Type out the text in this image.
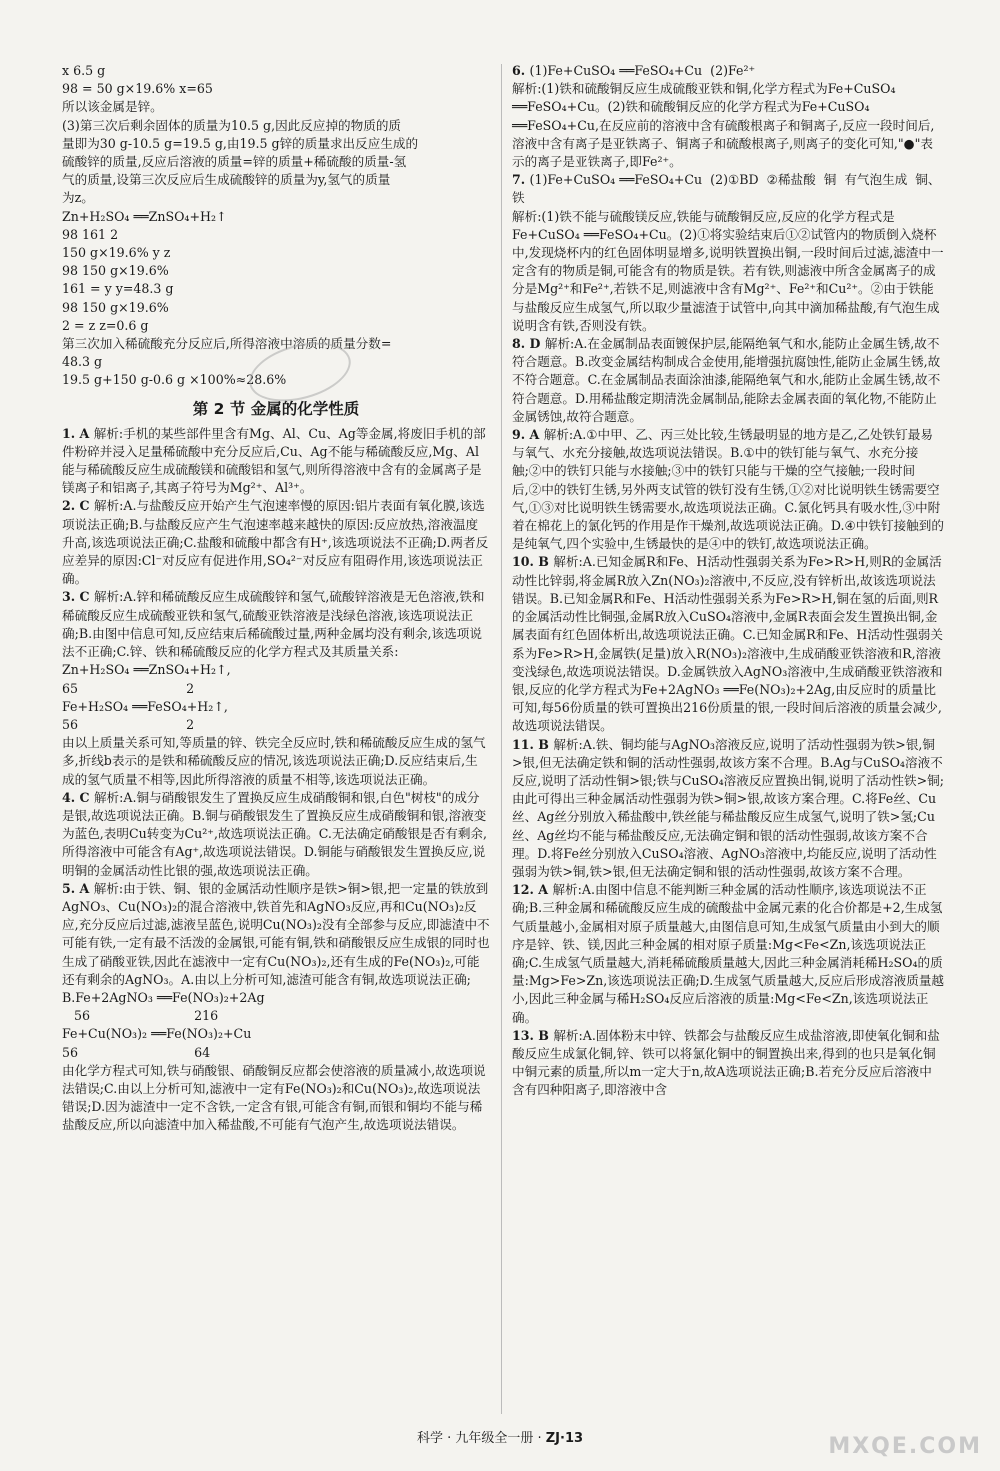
x 6.5 g
98 = 50 g×19.6% x=65
所以该金属是锌。
(3)第三次后剩余固体的质量为10.5 g,因此反应掉的物质的质
量即为30 g-10.5 g=19.5 g,由19.5 g锌的质量求出反应生成的
硫酸锌的质量,反应后溶液的质量=锌的质量+稀硫酸的质量-氢
气的质量,设第三次反应后生成硫酸锌的质量为y,氢气的质量
为z。
Zn+H₂SO₄ ══ZnSO₄+H₂↑
98 161 2
150 g×19.6% y z
98 150 g×19.6%
161 = y y=48.3 g
98 150 g×19.6%
2 = z z=0.6 g
第三次加入稀硫酸充分反应后,所得溶液中溶质的质量分数=
48.3 g
19.5 g+150 g-0.6 g ×100%≈28.6%
第 2 节 金属的化学性质
1. A 解析:手机的某些部件里含有Mg、Al、Cu、Ag等金属,将废旧手机的部件粉碎并浸入足量稀硫酸中充分反应后,Cu、Ag不能与稀硫酸反应,Mg、Al能与稀硫酸反应生成硫酸镁和硫酸铝和氢气,则所得溶液中含有的金属离子是镁离子和铝离子,其离子符号为Mg²⁺、Al³⁺。
2. C 解析:A.与盐酸反应开始产生气泡速率慢的原因:铝片表面有氧化膜,该选项说法正确;B.与盐酸反应产生气泡速率越来越快的原因:反应放热,溶液温度升高,该选项说法正确;C.盐酸和硫酸中都含有H⁺,该选项说法不正确;D.两者反应差异的原因:Cl⁻对反应有促进作用,SO₄²⁻对反应有阻碍作用,该选项说法正确。
3. C 解析:A.锌和稀硫酸反应生成硫酸锌和氢气,硫酸锌溶液是无色溶液,铁和稀硫酸反应生成硫酸亚铁和氢气,硫酸亚铁溶液是浅绿色溶液,该选项说法正确;B.由图中信息可知,反应结束后稀硫酸过量,两种金属均没有剩余,该选项说法不正确;C.锌、铁和稀硫酸反应的化学方程式及其质量关系:
Zn+H₂SO₄ ══ZnSO₄+H₂↑,
65                           2
Fe+H₂SO₄ ══FeSO₄+H₂↑,
56                           2
由以上质量关系可知,等质量的锌、铁完全反应时,铁和稀硫酸反应生成的氢气多,折线b表示的是铁和稀硫酸反应的情况,该选项说法正确;D.反应结束后,生成的氢气质量不相等,因此所得溶液的质量不相等,该选项说法正确。
4. C 解析:A.铜与硝酸银发生了置换反应生成硝酸铜和银,白色"树枝"的成分是银,故选项说法正确。B.铜与硝酸银发生了置换反应生成硝酸铜和银,溶液变为蓝色,表明Cu转变为Cu²⁺,故选项说法正确。C.无法确定硝酸银是否有剩余,所得溶液中可能含有Ag⁺,故选项说法错误。D.铜能与硝酸银发生置换反应,说明铜的金属活动性比银的强,故选项说法正确。
5. A 解析:由于铁、铜、银的金属活动性顺序是铁>铜>银,把一定量的铁放到AgNO₃、Cu(NO₃)₂的混合溶液中,铁首先和AgNO₃反应,再和Cu(NO₃)₂反应,充分反应后过滤,滤液呈蓝色,说明Cu(NO₃)₂没有全部参与反应,即滤渣中不可能有铁,一定有最不活泼的金属银,可能有铜,铁和硝酸银反应生成银的同时也生成了硝酸亚铁,因此在滤液中一定有Cu(NO₃)₂,还有生成的Fe(NO₃)₂,可能还有剩余的AgNO₃。A.由以上分析可知,滤渣可能含有铜,故选项说法正确;
B.Fe+2AgNO₃ ══Fe(NO₃)₂+2Ag
56                          216
Fe+Cu(NO₃)₂ ══Fe(NO₃)₂+Cu
56                             64
由化学方程式可知,铁与硝酸银、硝酸铜反应都会使溶液的质量减小,故选项说法错误;C.由以上分析可知,滤液中一定有Fe(NO₃)₂和Cu(NO₃)₂,故选项说法错误;D.因为滤渣中一定不含铁,一定含有银,可能含有铜,而银和铜均不能与稀盐酸反应,所以向滤渣中加入稀盐酸,不可能有气泡产生,故选项说法错误。
6. (1)Fe+CuSO₄ ══FeSO₄+Cu  (2)Fe²⁺
解析:(1)铁和硫酸铜反应生成硫酸亚铁和铜,化学方程式为Fe+CuSO₄ ══FeSO₄+Cu。(2)铁和硫酸铜反应的化学方程式为Fe+CuSO₄ ══FeSO₄+Cu,在反应前的溶液中含有硫酸根离子和铜离子,反应一段时间后,溶液中含有离子是亚铁离子、铜离子和硫酸根离子,则离子的变化可知,"●"表示的离子是亚铁离子,即Fe²⁺。
7. (1)Fe+CuSO₄ ══FeSO₄+Cu  (2)①BD  ②稀盐酸  铜  有气泡生成  铜、铁
解析:(1)铁不能与硫酸镁反应,铁能与硫酸铜反应,反应的化学方程式是Fe+CuSO₄ ══FeSO₄+Cu。(2)①将实验结束后①②试管内的物质倒入烧杯中,发现烧杯内的红色固体明显增多,说明铁置换出铜,一段时间后过滤,滤渣中一定含有的物质是铜,可能含有的物质是铁。若有铁,则滤液中所含金属离子的成分是Mg²⁺和Fe²⁺,若铁不足,则滤液中含有Mg²⁺、Fe²⁺和Cu²⁺。②由于铁能与盐酸反应生成氢气,所以取少量滤渣于试管中,向其中滴加稀盐酸,有气泡生成说明含有铁,否则没有铁。
8. D 解析:A.在金属制品表面镀保护层,能隔绝氧气和水,能防止金属生锈,故不符合题意。B.改变金属结构制成合金使用,能增强抗腐蚀性,能防止金属生锈,故不符合题意。C.在金属制品表面涂油漆,能隔绝氧气和水,能防止金属生锈,故不符合题意。D.用稀盐酸定期清洗金属制品,能除去金属表面的氧化物,不能防止金属锈蚀,故符合题意。
9. A 解析:A.①中甲、乙、丙三处比较,生锈最明显的地方是乙,乙处铁钉最易与氧气、水充分接触,故选项说法错误。B.①中的铁钉能与氧气、水充分接触;②中的铁钉只能与水接触;③中的铁钉只能与干燥的空气接触;一段时间后,②中的铁钉生锈,另外两支试管的铁钉没有生锈,①②对比说明铁生锈需要空气,①③对比说明铁生锈需要水,故选项说法正确。C.氯化钙具有吸水性,③中附着在棉花上的氯化钙的作用是作干燥剂,故选项说法正确。D.④中铁钉接触到的是纯氧气,四个实验中,生锈最快的是④中的铁钉,故选项说法正确。
10. B 解析:A.已知金属R和Fe、H活动性强弱关系为Fe>R>H,则R的金属活动性比锌弱,将金属R放入Zn(NO₃)₂溶液中,不反应,没有锌析出,故该选项说法错误。B.已知金属R和Fe、H活动性强弱关系为Fe>R>H,铜在氢的后面,则R的金属活动性比铜强,金属R放入CuSO₄溶液中,金属R表面会发生置换出铜,金属表面有红色固体析出,故选项说法正确。C.已知金属R和Fe、H活动性强弱关系为Fe>R>H,金属铁(足量)放入R(NO₃)₂溶液中,生成硝酸亚铁溶液和R,溶液变浅绿色,故选项说法错误。D.金属铁放入AgNO₃溶液中,生成硝酸亚铁溶液和银,反应的化学方程式为Fe+2AgNO₃ ══Fe(NO₃)₂+2Ag,由反应时的质量比可知,每56份质量的铁可置换出216份质量的银,一段时间后溶液的质量会减少,故选项说法错误。
11. B 解析:A.铁、铜均能与AgNO₃溶液反应,说明了活动性强弱为铁>银,铜>银,但无法确定铁和铜的活动性强弱,故该方案不合理。B.Ag与CuSO₄溶液不反应,说明了活动性铜>银;铁与CuSO₄溶液反应置换出铜,说明了活动性铁>铜;由此可得出三种金属活动性强弱为铁>铜>银,故该方案合理。C.将Fe丝、Cu丝、Ag丝分别放入稀盐酸中,铁丝能与稀盐酸反应生成氢气,说明了铁>氢;Cu丝、Ag丝均不能与稀盐酸反应,无法确定铜和银的活动性强弱,故该方案不合理。D.将Fe丝分别放入CuSO₄溶液、AgNO₃溶液中,均能反应,说明了活动性强弱为铁>铜,铁>银,但无法确定铜和银的活动性强弱,故该方案不合理。
12. A 解析:A.由图中信息不能判断三种金属的活动性顺序,该选项说法不正确;B.三种金属和稀硫酸反应生成的硫酸盐中金属元素的化合价都是+2,生成氢气质量越小,金属相对原子质量越大,由图信息可知,生成氢气质量由小到大的顺序是锌、铁、镁,因此三种金属的相对原子质量:Mg<Fe<Zn,该选项说法正确;C.生成氢气质量越大,消耗稀硫酸质量越大,因此三种金属消耗稀H₂SO₄的质量:Mg>Fe>Zn,该选项说法正确;D.生成氢气质量越大,反应后形成溶液质量越小,因此三种金属与稀H₂SO₄反应后溶液的质量:Mg<Fe<Zn,该选项说法正确。
13. B 解析:A.固体粉末中锌、铁都会与盐酸反应生成盐溶液,即使氧化铜和盐酸反应生成氯化铜,锌、铁可以将氯化铜中的铜置换出来,得到的也只是氧化铜中铜元素的质量,所以m一定大于n,故A选项说法正确;B.若充分反应后溶液中含有四种阳离子,即溶液中含
科学 · 九年级全一册 · ZJ·13	MXQE.COM
